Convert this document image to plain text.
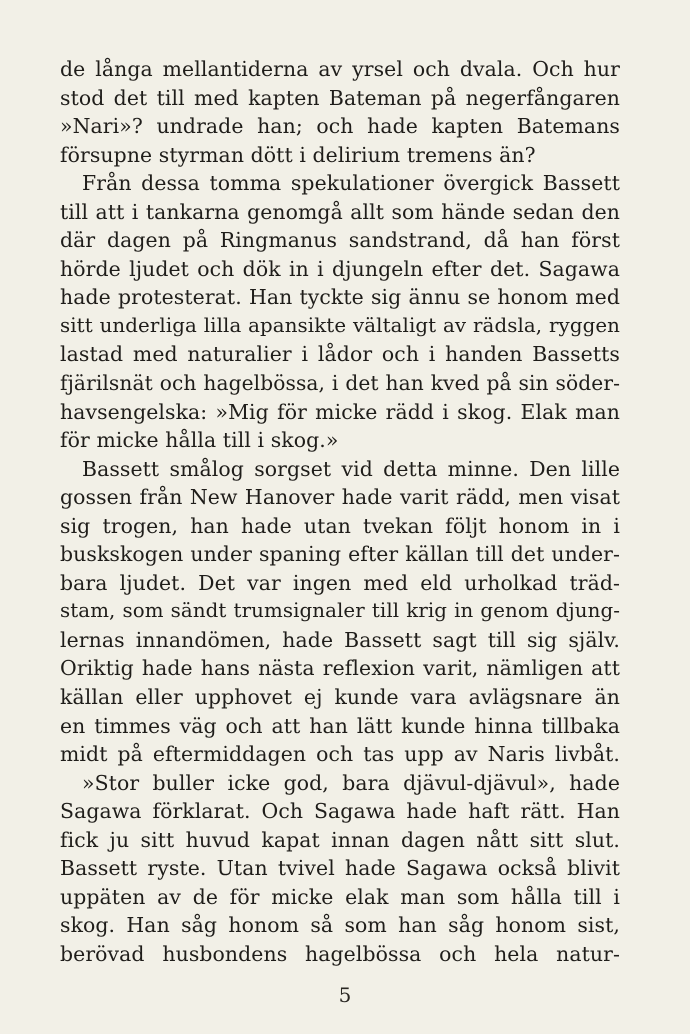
de långa mellantiderna av yrsel och dvala. Och hur
stod det till med kapten Bateman på negerfångaren
»Nari»? undrade han; och hade kapten Batemans
försupne styrman dött i delirium tremens än?
Från dessa tomma spekulationer övergick Bassett
till att i tankarna genomgå allt som hände sedan den
där dagen på Ringmanus sandstrand, då han först
hörde ljudet och dök in i djungeln efter det. Sagawa
hade protesterat. Han tyckte sig ännu se honom med
sitt underliga lilla apansikte vältaligt av rädsla, ryggen
lastad med naturalier i lådor och i handen Bassetts
fjärilsnät och hagelbössa, i det han kved på sin söder-
havsengelska: »Mig för micke rädd i skog. Elak man
för micke hålla till i skog.»
Bassett smålog sorgset vid detta minne. Den lille
gossen från New Hanover hade varit rädd, men visat
sig trogen, han hade utan tvekan följt honom in i
buskskogen under spaning efter källan till det under-
bara ljudet. Det var ingen med eld urholkad träd-
stam, som sändt trumsignaler till krig in genom djung-
lernas innandömen, hade Bassett sagt till sig själv.
Oriktig hade hans nästa reflexion varit, nämligen att
källan eller upphovet ej kunde vara avlägsnare än
en timmes väg och att han lätt kunde hinna tillbaka
midt på eftermiddagen och tas upp av Naris livbåt.
»Stor buller icke god, bara djävul-djävul», hade
Sagawa förklarat. Och Sagawa hade haft rätt. Han
fick ju sitt huvud kapat innan dagen nått sitt slut.
Bassett ryste. Utan tvivel hade Sagawa också blivit
uppäten av de för micke elak man som hålla till i
skog. Han såg honom så som han såg honom sist,
berövad husbondens hagelbössa och hela natur-
5
